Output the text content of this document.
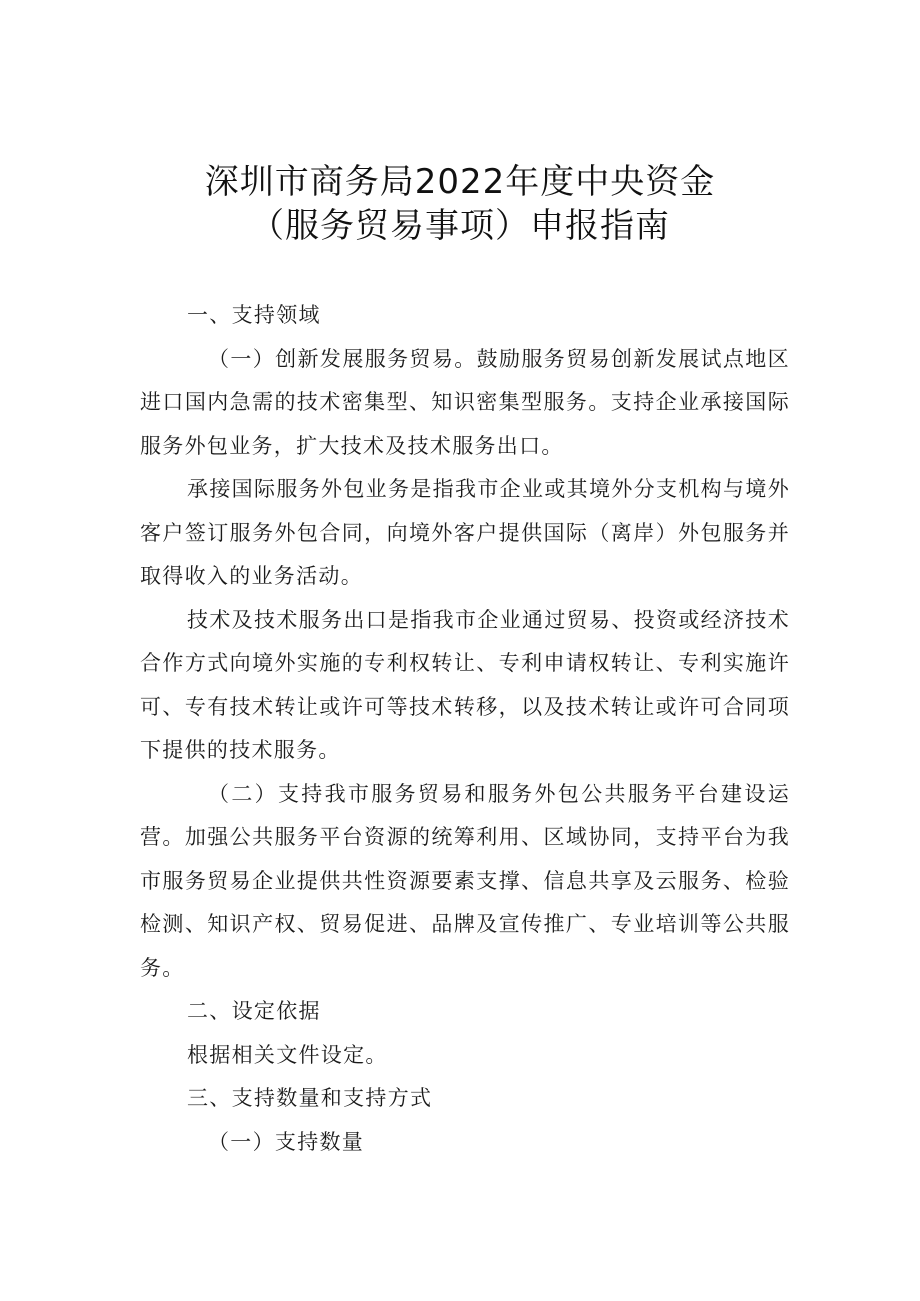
深圳市商务局2022年度中央资金
（服务贸易事项）申报指南

一、支持领域

（一）创新发展服务贸易。鼓励服务贸易创新发展试点地区进口国内急需的技术密集型、知识密集型服务。支持企业承接国际服务外包业务，扩大技术及技术服务出口。

承接国际服务外包业务是指我市企业或其境外分支机构与境外客户签订服务外包合同，向境外客户提供国际（离岸）外包服务并取得收入的业务活动。

技术及技术服务出口是指我市企业通过贸易、投资或经济技术合作方式向境外实施的专利权转让、专利申请权转让、专利实施许可、专有技术转让或许可等技术转移，以及技术转让或许可合同项下提供的技术服务。

（二）支持我市服务贸易和服务外包公共服务平台建设运营。加强公共服务平台资源的统筹利用、区域协同，支持平台为我市服务贸易企业提供共性资源要素支撑、信息共享及云服务、检验检测、知识产权、贸易促进、品牌及宣传推广、专业培训等公共服务。

二、设定依据

根据相关文件设定。

三、支持数量和支持方式

（一）支持数量
